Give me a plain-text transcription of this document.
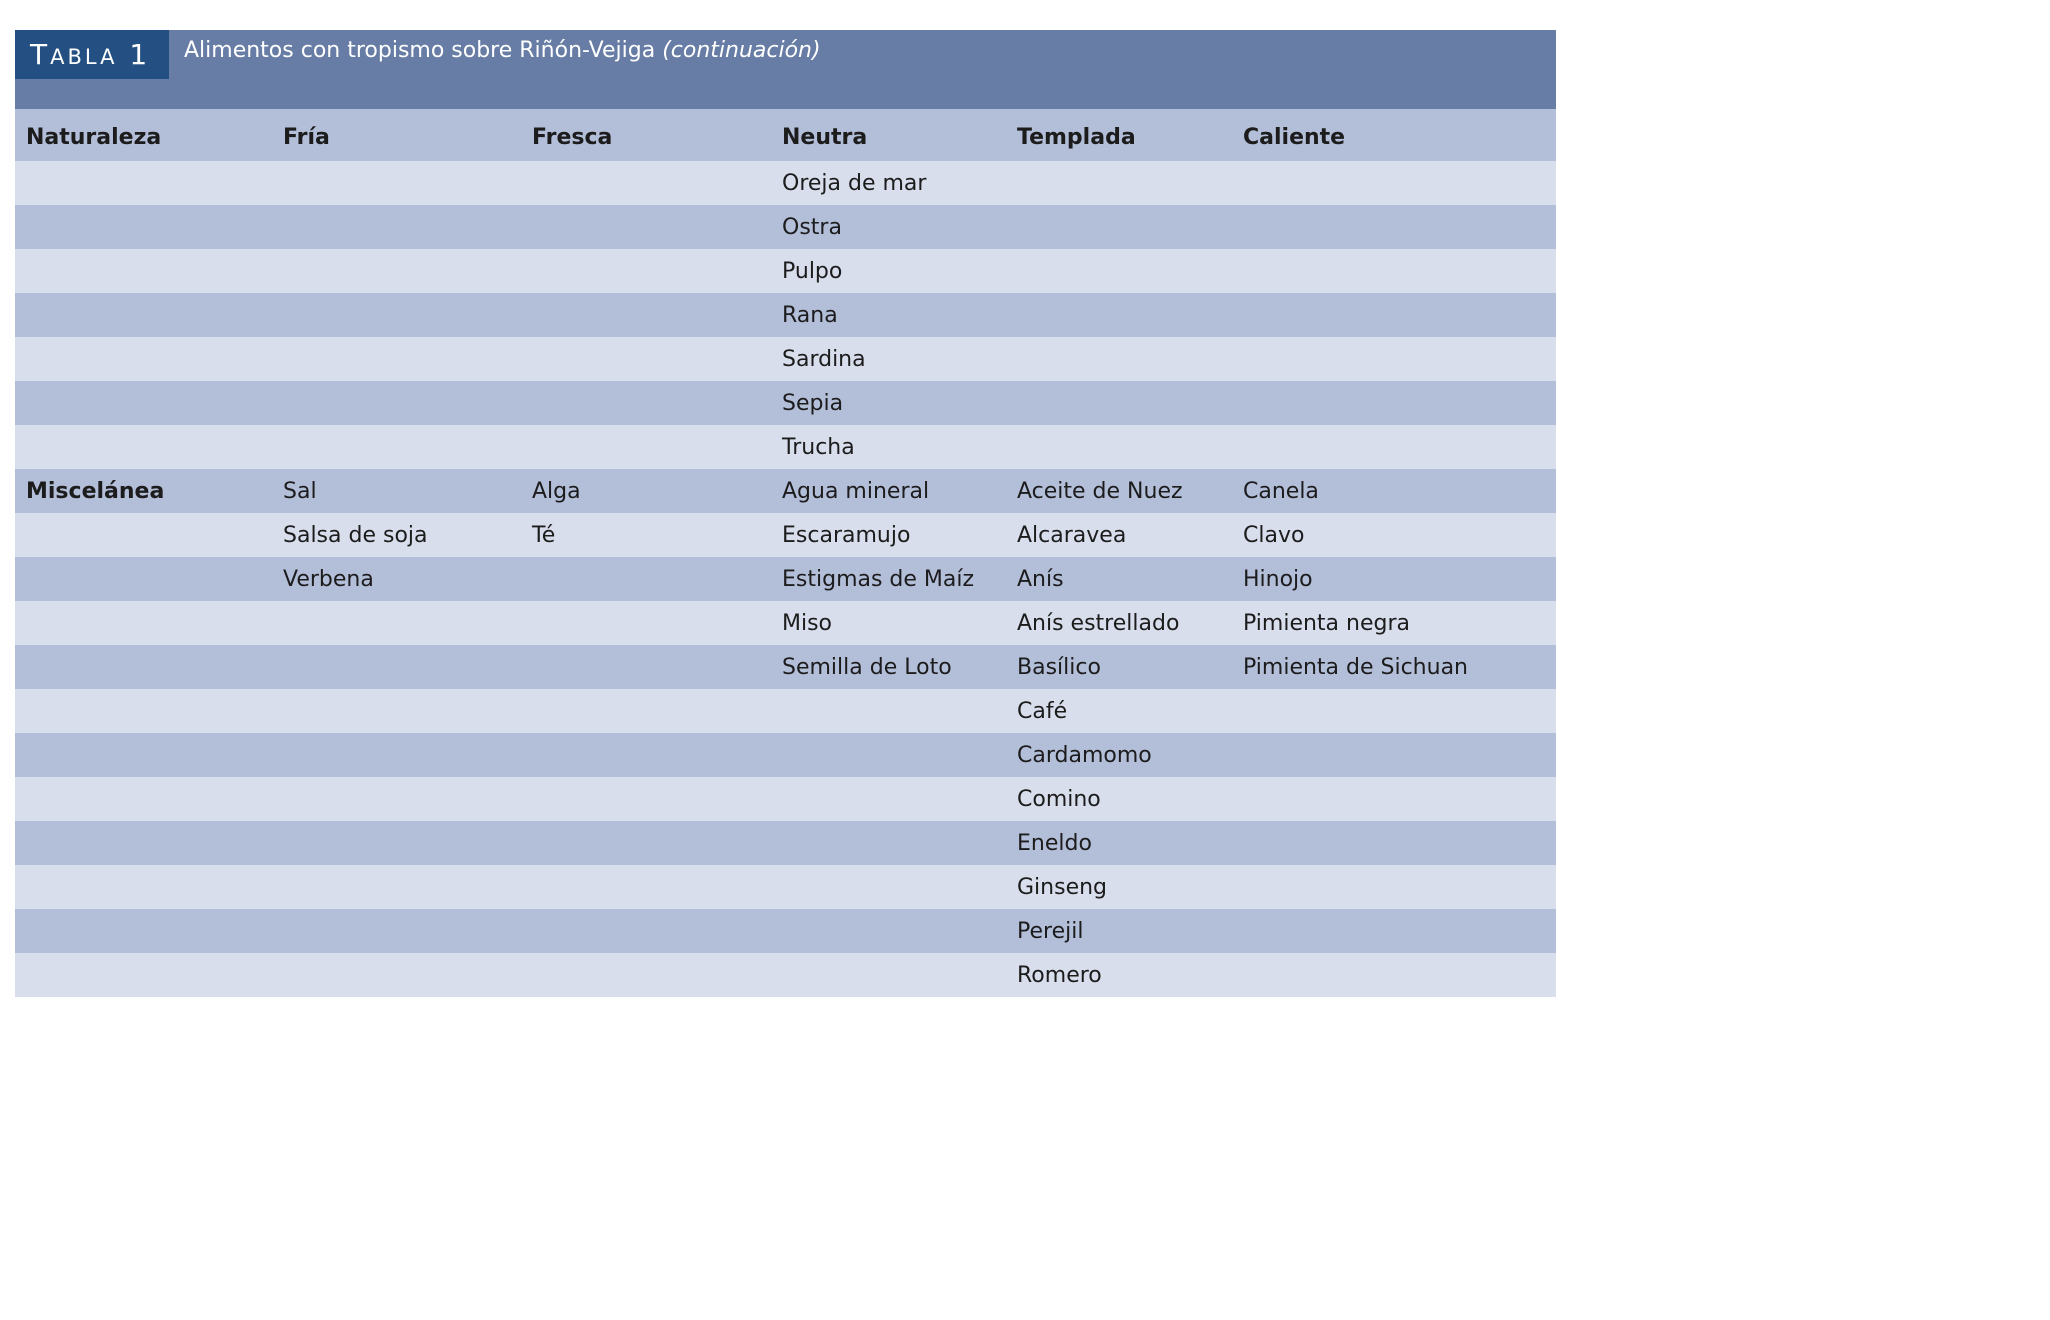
TABLA 1	Alimentos con tropismo sobre Riñón-Vejiga (continuación)
Naturaleza	Fría	Fresca	Neutra	Templada	Caliente
			Oreja de mar		
			Ostra		
			Pulpo		
			Rana		
			Sardina		
			Sepia		
			Trucha		
Miscelánea	Sal	Alga	Agua mineral	Aceite de Nuez	Canela
	Salsa de soja	Té	Escaramujo	Alcaravea	Clavo
	Verbena		Estigmas de Maíz	Anís	Hinojo
			Miso	Anís estrellado	Pimienta negra
			Semilla de Loto	Basílico	Pimienta de Sichuan
				Café	
				Cardamomo	
				Comino	
				Eneldo	
				Ginseng	
				Perejil	
				Romero	
